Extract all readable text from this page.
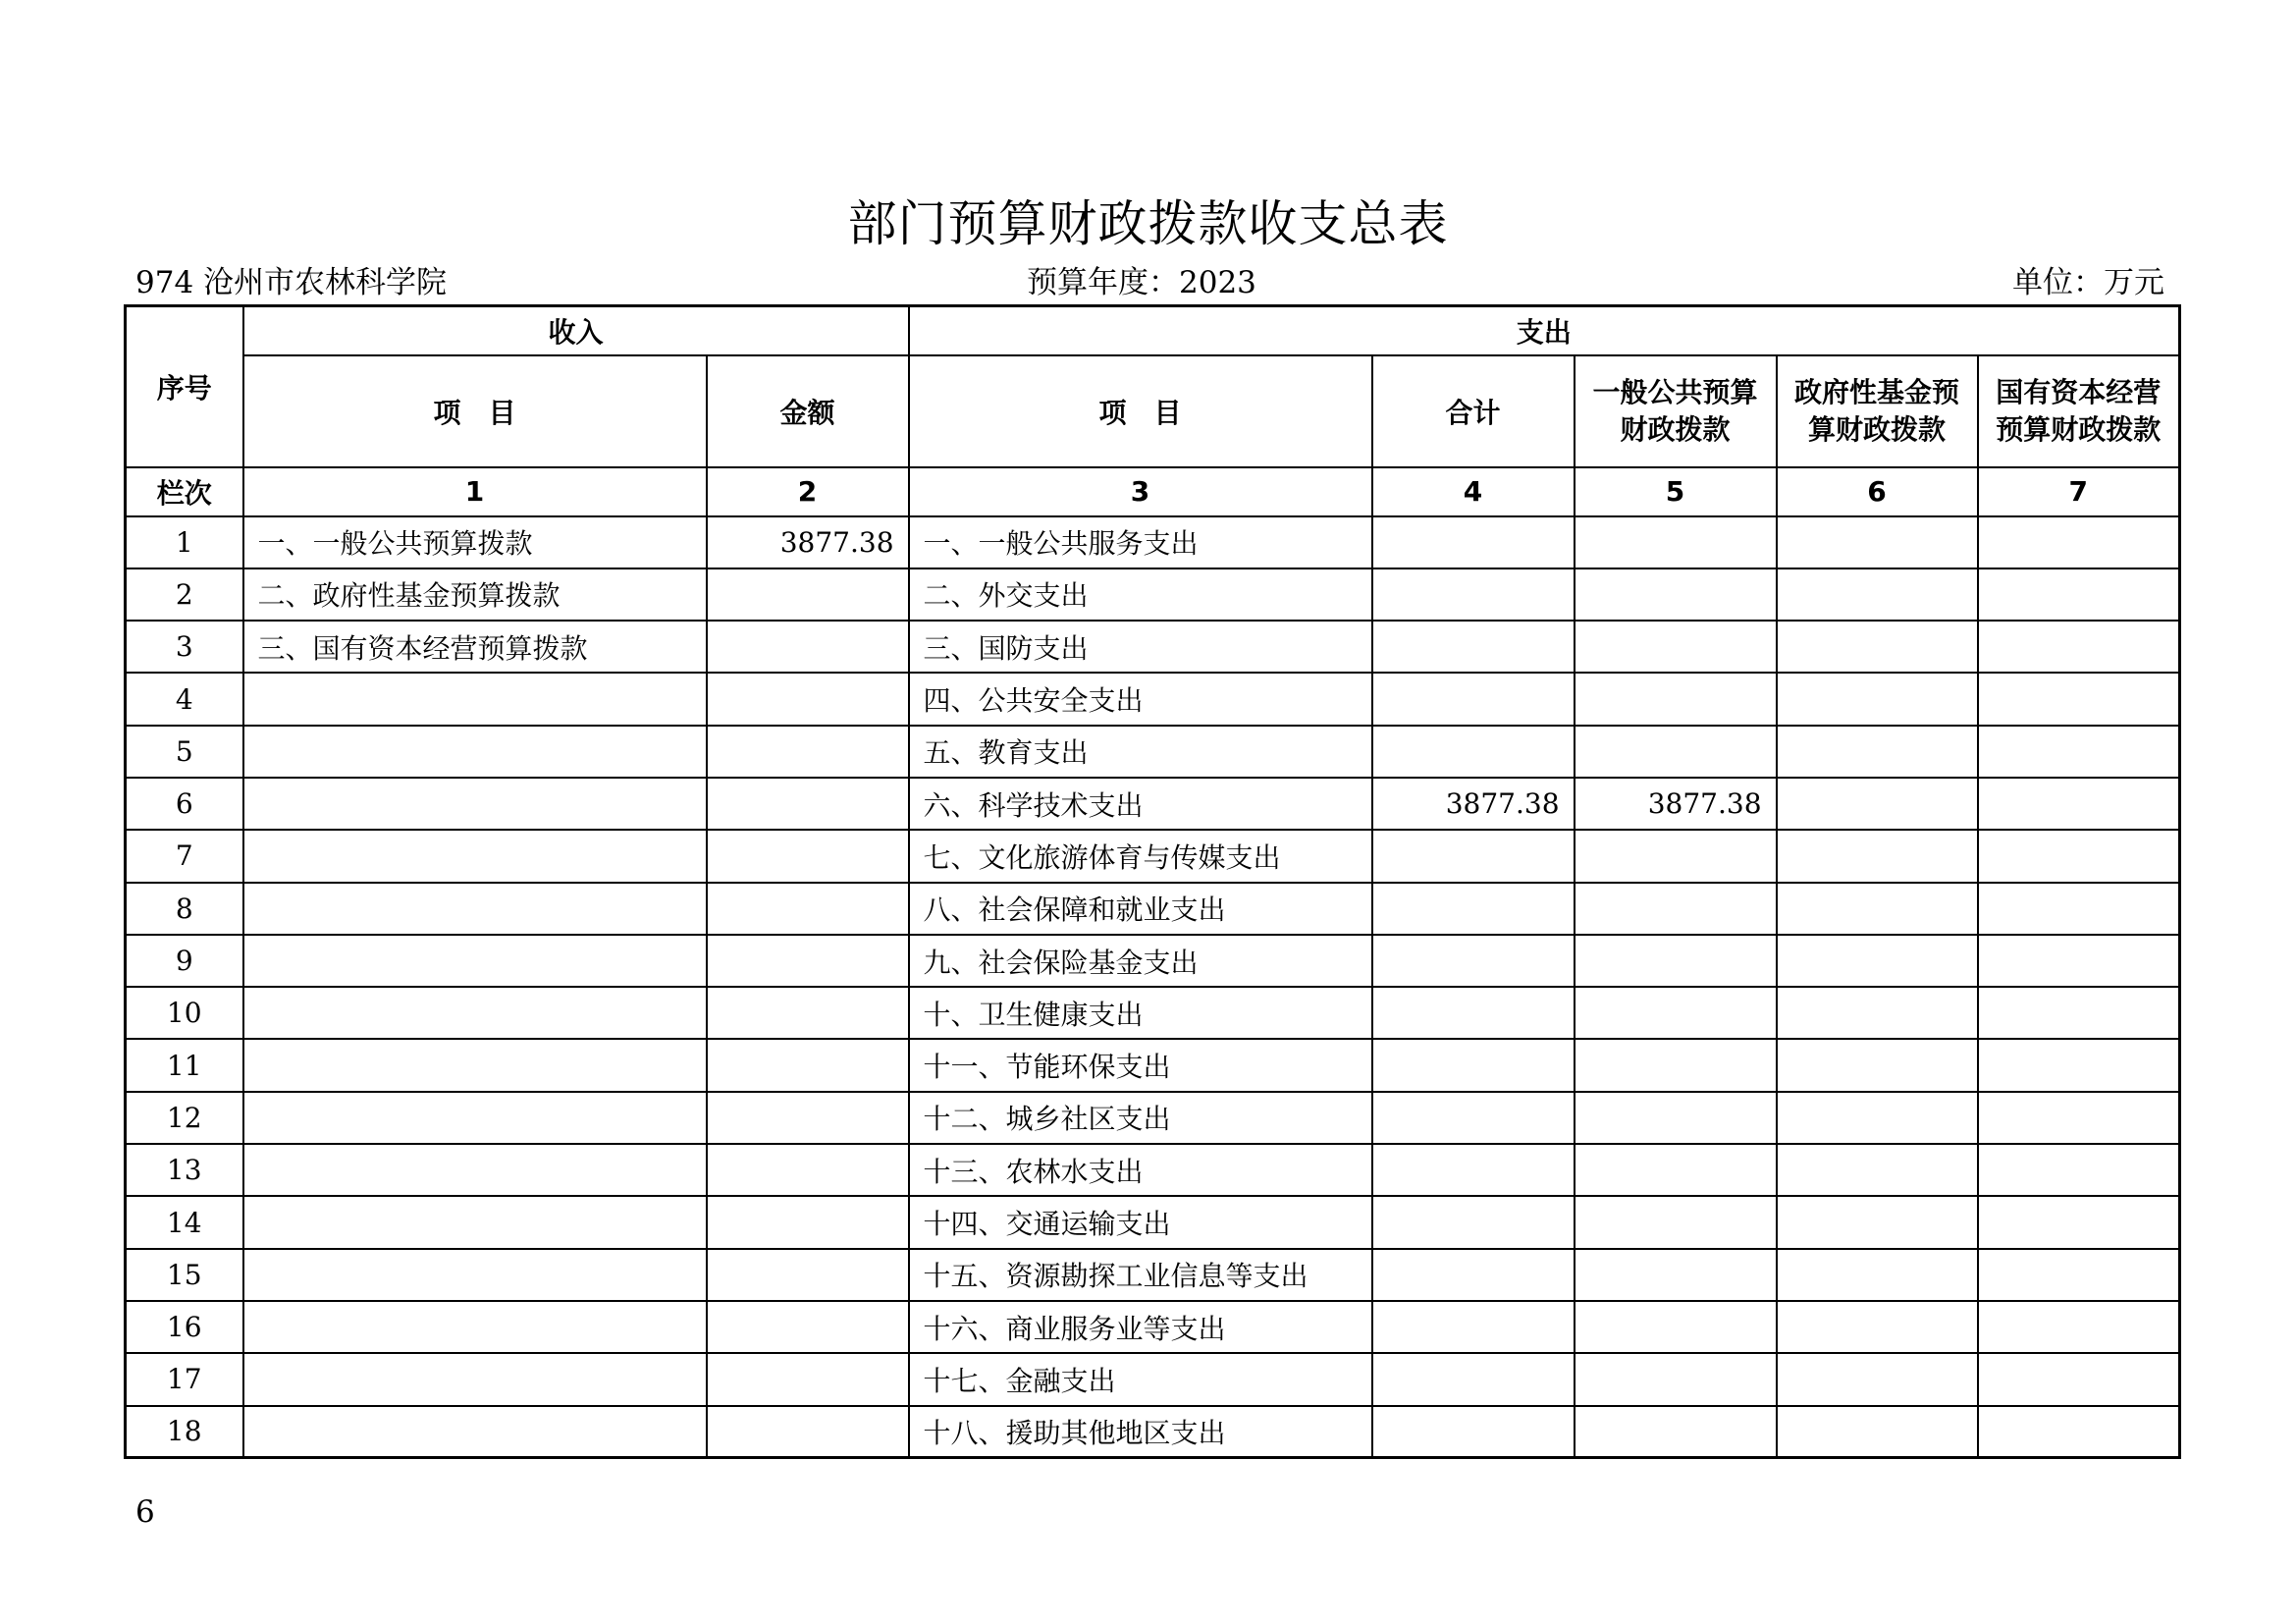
部门预算财政拨款收支总表
974 沧州市农林科学院	预算年度：2023	单位：万元
序号	收入		支出				
	项　目	金额	项　目	合计	一般公共预算财政拨款	政府性基金预算财政拨款	国有资本经营预算财政拨款
栏次	1	2	3	4	5	6	7
1	一、一般公共预算拨款	3877.38	一、一般公共服务支出				
2	二、政府性基金预算拨款		二、外交支出				
3	三、国有资本经营预算拨款		三、国防支出				
4			四、公共安全支出				
5			五、教育支出				
6			六、科学技术支出	3877.38	3877.38		
7			七、文化旅游体育与传媒支出				
8			八、社会保障和就业支出				
9			九、社会保险基金支出				
10			十、卫生健康支出				
11			十一、节能环保支出				
12			十二、城乡社区支出				
13			十三、农林水支出				
14			十四、交通运输支出				
15			十五、资源勘探工业信息等支出				
16			十六、商业服务业等支出				
17			十七、金融支出				
18			十八、援助其他地区支出				
6
